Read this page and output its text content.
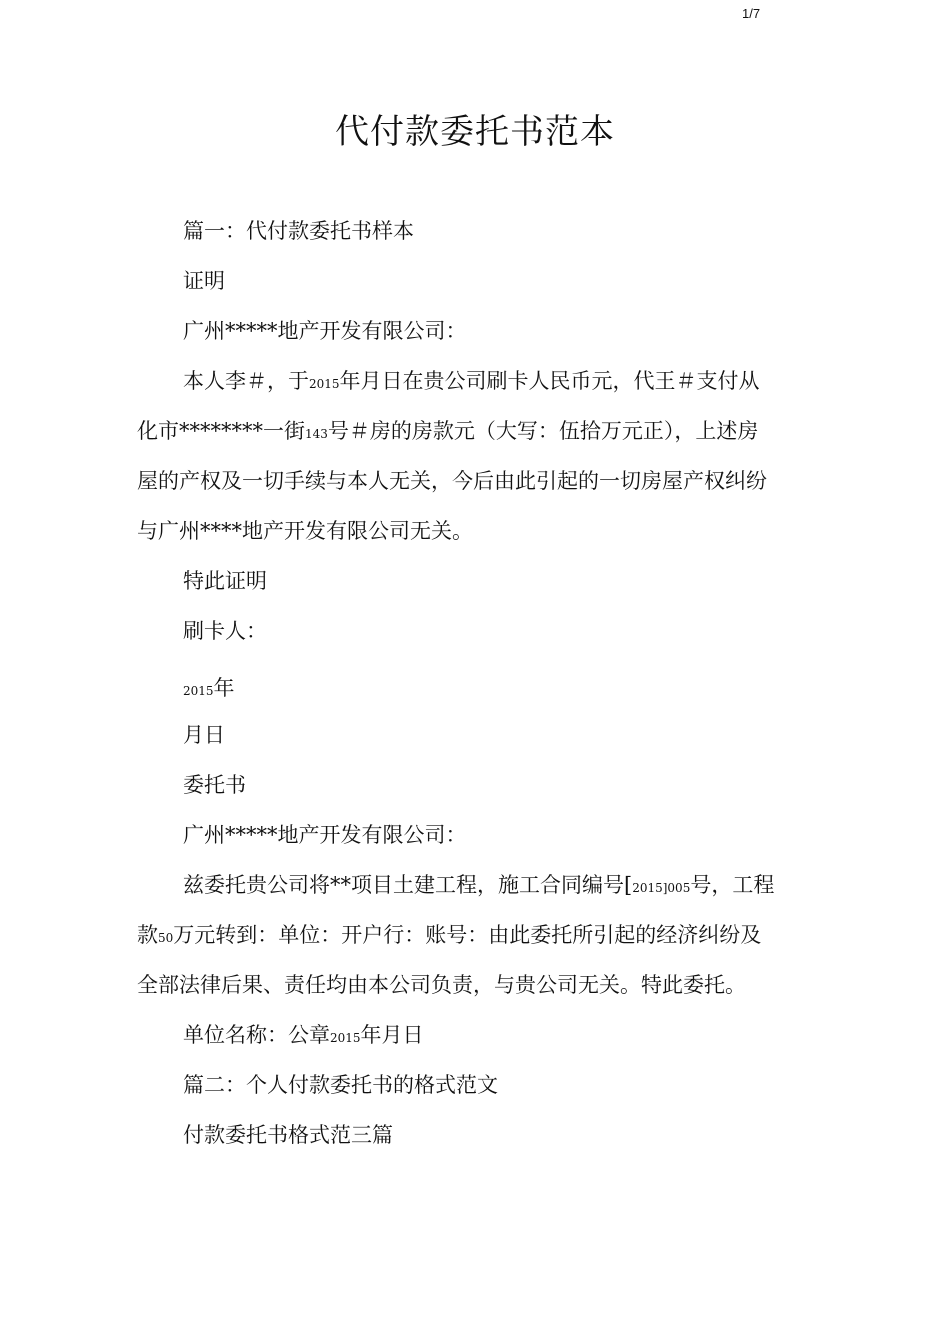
1/7
代付款委托书范本
篇一：代付款委托书样本
证明
广州*****地产开发有限公司：
本人李＃，于2015年月日在贵公司刷卡人民币元，代王＃支付从
化市********一街143号＃房的房款元（大写：伍拾万元正），上述房
屋的产权及一切手续与本人无关，今后由此引起的一切房屋产权纠纷
与广州****地产开发有限公司无关。
特此证明
刷卡人：
2015年
月日
委托书
广州*****地产开发有限公司：
兹委托贵公司将**项目土建工程，施工合同编号[2015]005号，工程
款50万元转到：单位：开户行：账号：由此委托所引起的经济纠纷及
全部法律后果、责任均由本公司负责，与贵公司无关。特此委托。
单位名称：公章2015年月日
篇二：个人付款委托书的格式范文
付款委托书格式范三篇
